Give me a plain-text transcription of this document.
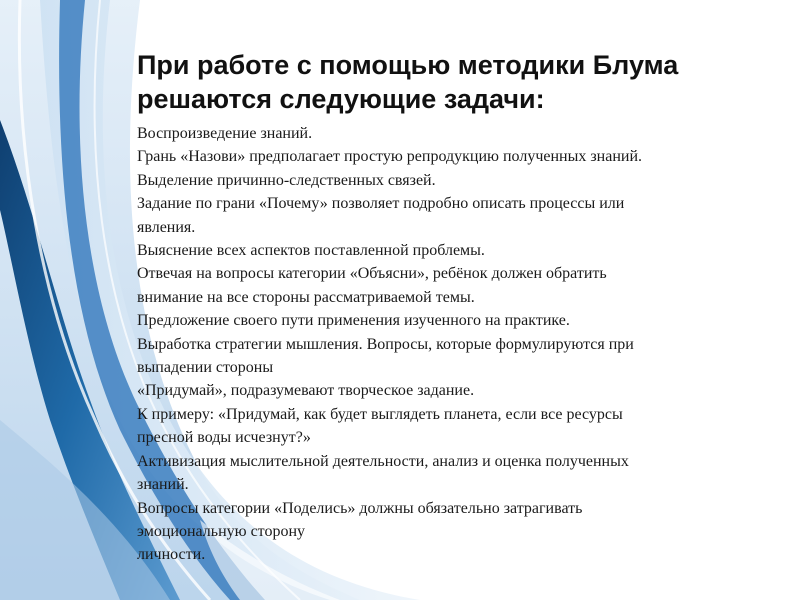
При работе с помощью методики Блума
решаются следующие задачи:
Воспроизведение знаний.
Грань «Назови» предполагает простую репродукцию полученных знаний.
Выделение причинно-следственных связей.
Задание по грани «Почему» позволяет подробно описать процессы или
явления.
Выяснение всех аспектов поставленной проблемы.
Отвечая на вопросы категории «Объясни», ребёнок должен обратить
внимание на все стороны рассматриваемой темы.
Предложение своего пути применения изученного на практике.
Выработка стратегии мышления. Вопросы, которые формулируются при
выпадении стороны
«Придумай», подразумевают творческое задание.
К примеру: «Придумай, как будет выглядеть планета, если все ресурсы
пресной воды исчезнут?»
Активизация мыслительной деятельности, анализ и оценка полученных
знаний.
Вопросы категории «Поделись» должны обязательно затрагивать
эмоциональную сторону
личности.
